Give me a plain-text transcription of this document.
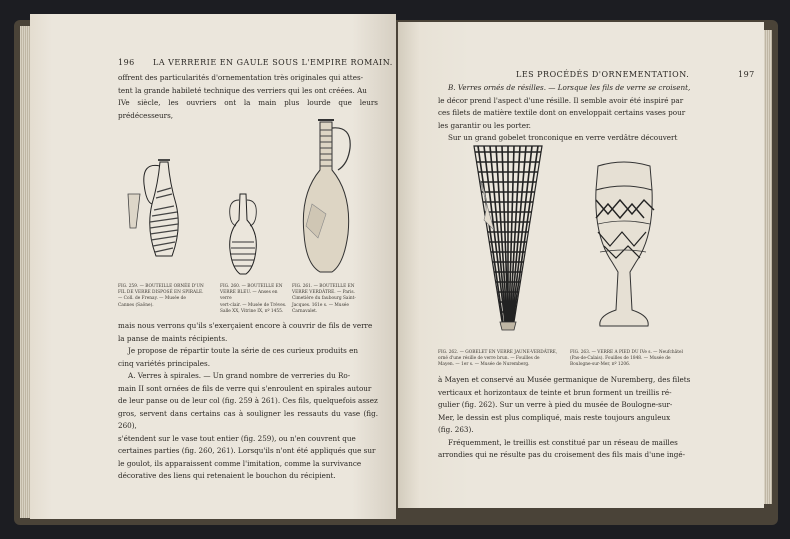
196 LA VERRERIE EN GAULE SOUS L'EMPIRE ROMAIN.

offrent des particularités d'ornementation très originales qui attes-

tent la grande habileté technique des verriers qui les ont créées. Au

IVe siècle, les ouvriers ont la main plus lourde que leurs prédécesseurs,

FIG. 259. — BOUTEILLE ORNÉE D'UN
FIL DE VERRE DISPOSÉ EN SPIRALE.
— Coll. de Frenay. — Musée de
Cannes (Saône).
FIG. 260. — BOUTEILLE EN
VERRE BLEU. — Anses en verre
vert-clair. — Musée de Trèves.
Salle XX, Vitrine IX, nº 1455.
FIG. 261. — BOUTEILLE EN
VERRE VERDÂTRE. — Paris.
Cimetière du faubourg Saint-
Jacques. 161e s. — Musée
Carnavalet.

mais nous verrons qu'ils s'exerçaient encore à couvrir de fils de verre

la panse de maints récipients.

Je propose de répartir toute la série de ces curieux produits en

cinq variétés principales.

A. Verres à spirales. — Un grand nombre de verreries du Ro-

main II sont ornées de fils de verre qui s'enroulent en spirales autour

de leur panse ou de leur col (fig. 259 à 261). Ces fils, quelquefois assez

gros, servent dans certains cas à souligner les ressauts du vase (fig. 260),

s'étendent sur le vase tout entier (fig. 259), ou n'en couvrent que

certaines parties (fig. 260, 261). Lorsqu'ils n'ont été appliqués que sur

le goulot, ils apparaissent comme l'imitation, comme la survivance

décorative des liens qui retenaient le bouchon du récipient.

LES PROCÉDÉS D'ORNEMENTATION.	197

B. Verres ornés de résilles. — Lorsque les fils de verre se croisent,

le décor prend l'aspect d'une résille. Il semble avoir été inspiré par

ces filets de matière textile dont on enveloppait certains vases pour

les garantir ou les porter.

Sur un grand gobelet tronconique en verre verdâtre découvert

FIG. 262. — GOBELET EN VERRE JAUNE-VERDÂTRE,
orné d'une résille de verre brun. — Fouilles de
Mayen. — 1er s. — Musée de Nuremberg.
FIG. 263. — VERRE A PIED DU IVe s. — Neufchâtel
(Pas-de-Calais). Fouilles de 1848. — Musée de
Boulogne-sur-Mer, nº 1206.

à Mayen et conservé au Musée germanique de Nuremberg, des filets

verticaux et horizontaux de teinte et brun forment un treillis ré-

gulier (fig. 262). Sur un verre à pied du musée de Boulogne-sur-

Mer, le dessin est plus compliqué, mais reste toujours anguleux

(fig. 263).

Fréquemment, le treillis est constitué par un réseau de mailles

arrondies qui ne résulte pas du croisement des fils mais d'une ingé-
